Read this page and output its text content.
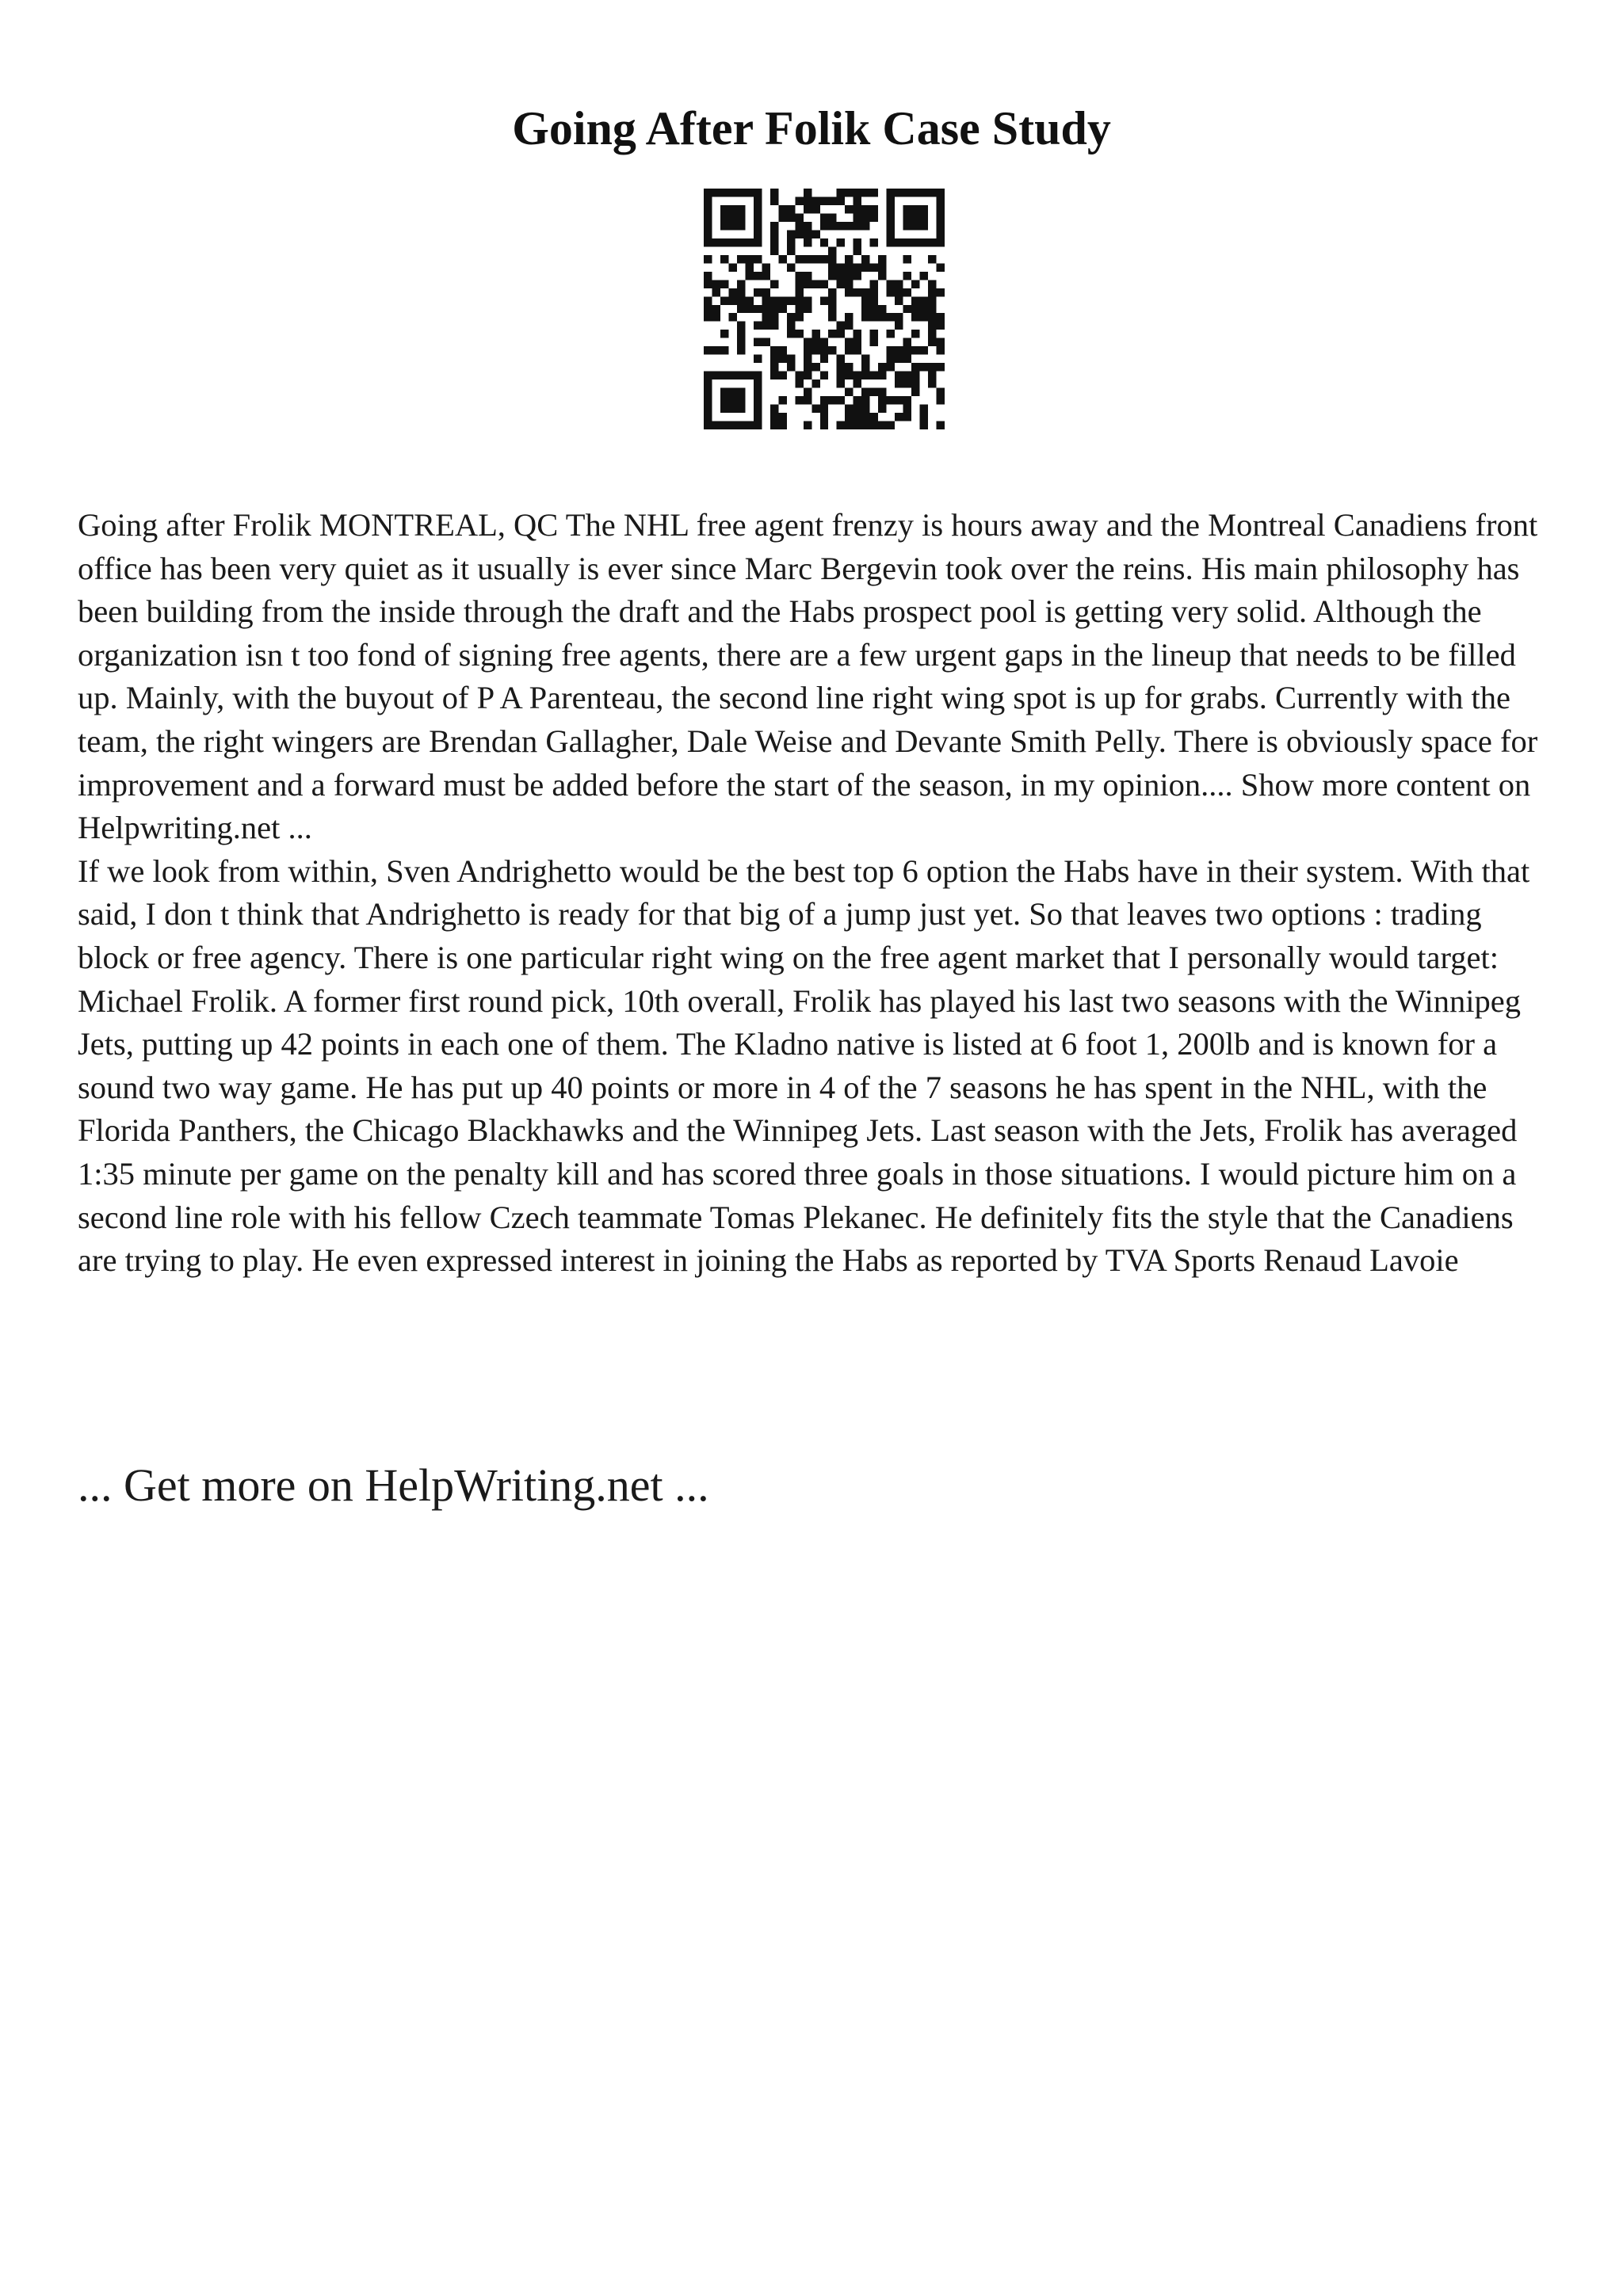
Going After Folik Case Study

Going after Frolik MONTREAL, QC The NHL free agent frenzy is hours away and the Montreal Canadiens front office has been very quiet as it usually is ever since Marc Bergevin took over the reins. His main philosophy has been building from the inside through the draft and the Habs prospect pool is getting very solid. Although the organization isn t too fond of signing free agents, there are a few urgent gaps in the lineup that needs to be filled up. Mainly, with the buyout of P A Parenteau, the second line right wing spot is up for grabs. Currently with the team, the right wingers are Brendan Gallagher, Dale Weise and Devante Smith Pelly. There is obviously space for improvement and a forward must be added before the start of the season, in my opinion.... Show more content on Helpwriting.net ...

If we look from within, Sven Andrighetto would be the best top 6 option the Habs have in their system. With that said, I don t think that Andrighetto is ready for that big of a jump just yet. So that leaves two options : trading block or free agency. There is one particular right wing on the free agent market that I personally would target: Michael Frolik. A former first round pick, 10th overall, Frolik has played his last two seasons with the Winnipeg Jets, putting up 42 points in each one of them. The Kladno native is listed at 6 foot 1, 200lb and is known for a sound two way game. He has put up 40 points or more in 4 of the 7 seasons he has spent in the NHL, with the Florida Panthers, the Chicago Blackhawks and the Winnipeg Jets. Last season with the Jets, Frolik has averaged 1:35 minute per game on the penalty kill and has scored three goals in those situations. I would picture him on a second line role with his fellow Czech teammate Tomas Plekanec. He definitely fits the style that the Canadiens are trying to play. He even expressed interest in joining the Habs as reported by TVA Sports Renaud Lavoie

... Get more on HelpWriting.net ...
